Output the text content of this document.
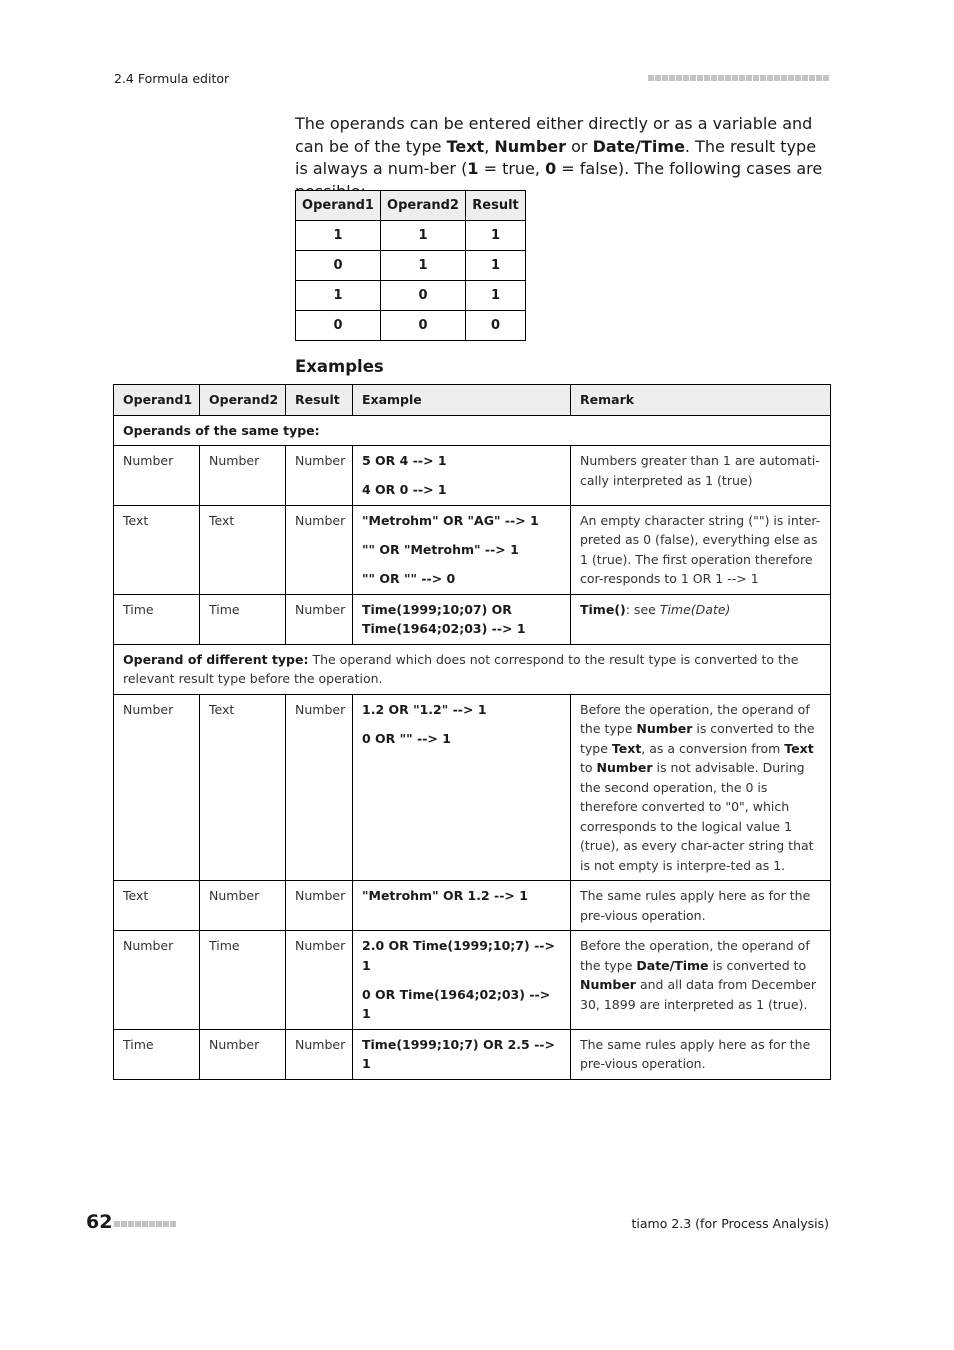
2.4 Formula editor

The operands can be entered either directly or as a variable and can be of the type Text, Number or Date/Time. The result type is always a num-ber (1 = true, 0 = false). The following cases are

Operand1	Operand2	Result
1	1	1
0	1	1
1	0	1
0	0	0
Examples
Operand1	Operand2	Result	Example	Remark
Operands of the same type:				
Number	Number	Number	5 OR 4 --> 1
4 OR 0 --> 1	Numbers greater than 1 are automati-cally interpreted as 1 (true)
Text	Text	Number	"Metrohm" OR "AG" --> 1
"" OR "Metrohm" --> 1
"" OR "" --> 0	An empty character string ("") is inter-preted as 0 (false), everything else as 1 (true). The first operation therefore cor-responds to 1 OR 1 --> 1
Time	Time	Number	Time(1999;10;07) OR Time(1964;02;03) --> 1	Time(): see Time(Date)
Operand of different type: The operand which does not correspond to the result type is converted to the relevant result type before the operation.				
Number	Text	Number	1.2 OR "1.2" --> 1
0 OR "" --> 1	Before the operation, the operand of the type Number is converted to the type Text, as a conversion from Text to Number is not advisable. During the second operation, the 0 is therefore converted to "0", which corresponds to the logical value 1 (true), as every char-acter string that is not empty is interpre-ted as 1.
Text	Number	Number	"Metrohm" OR 1.2 --> 1	The same rules apply here as for the pre-vious operation.
Number	Time	Number	2.0 OR Time(1999;10;7) --> 1
0 OR Time(1964;02;03) --> 1	Before the operation, the operand of the type Date/Time is converted to Number and all data from December 30, 1899 are interpreted as 1 (true).
Time	Number	Number	Time(1999;10;7) OR 2.5 --> 1	The same rules apply here as for the pre-vious operation.
62	tiamo 2.3 (for Process Analysis)
